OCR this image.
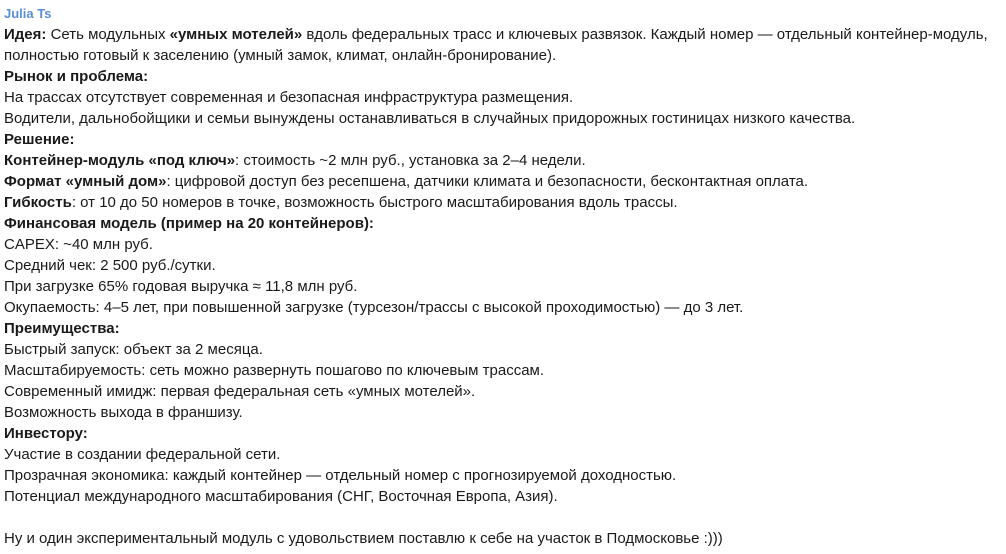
Julia Ts
Идея: Сеть модульных «умных мотелей» вдоль федеральных трасс и ключевых развязок. Каждый номер — отдельный контейнер-модуль, полностью готовый к заселению (умный замок, климат, онлайн-бронирование).
Рынок и проблема:
На трассах отсутствует современная и безопасная инфраструктура размещения.
Водители, дальнобойщики и семьи вынуждены останавливаться в случайных придорожных гостиницах низкого качества.
Решение:
Контейнер-модуль «под ключ»: стоимость ~2 млн руб., установка за 2–4 недели.
Формат «умный дом»: цифровой доступ без ресепшена, датчики климата и безопасности, бесконтактная оплата.
Гибкость: от 10 до 50 номеров в точке, возможность быстрого масштабирования вдоль трассы.
Финансовая модель (пример на 20 контейнеров):
CAPEX: ~40 млн руб.
Средний чек: 2 500 руб./сутки.
При загрузке 65% годовая выручка ≈ 11,8 млн руб.
Окупаемость: 4–5 лет, при повышенной загрузке (турсезон/трассы с высокой проходимостью) — до 3 лет.
Преимущества:
Быстрый запуск: объект за 2 месяца.
Масштабируемость: сеть можно развернуть пошагово по ключевым трассам.
Современный имидж: первая федеральная сеть «умных мотелей».
Возможность выхода в франшизу.
Инвестору:
Участие в создании федеральной сети.
Прозрачная экономика: каждый контейнер — отдельный номер с прогнозируемой доходностью.
Потенциал международного масштабирования (СНГ, Восточная Европа, Азия).
Ну и один экспериментальный модуль с удовольствием поставлю к себе на участок в Подмосковье :)))
